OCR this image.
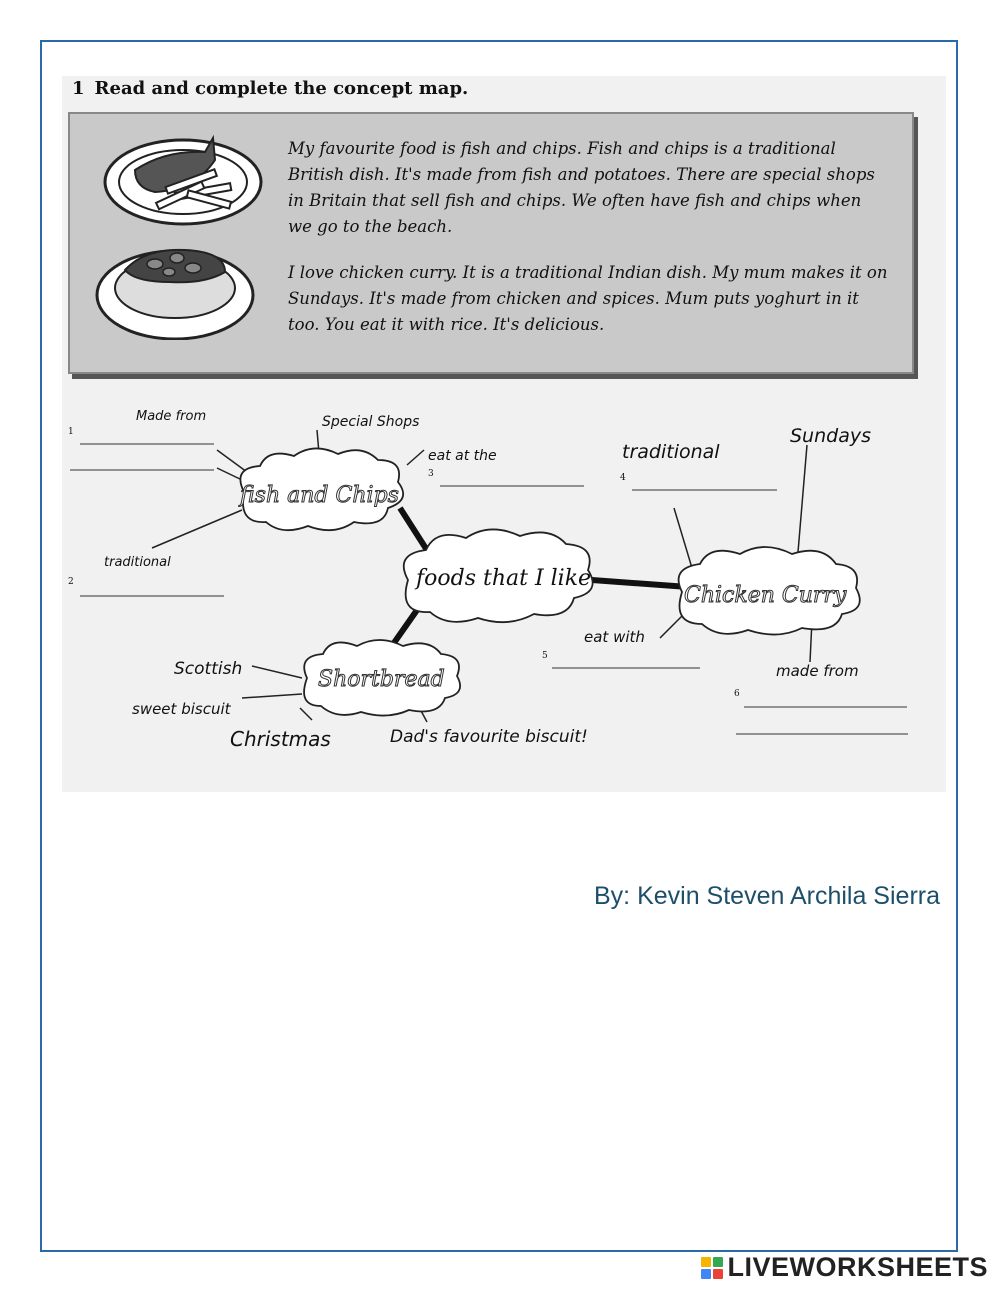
1 Read and complete the concept map.

My favourite food is fish and chips. Fish and chips is a traditional British dish. It's made from fish and potatoes. There are special shops in Britain that sell fish and chips. We often have fish and chips when we go to the beach.

I love chicken curry. It is a traditional Indian dish. My mum makes it on Sundays. It's made from chicken and spices. Mum puts yoghurt in it too. You eat it with rice. It's delicious.

1
2
3	4
5
6
fish and Chips
Chicken Curry
Shortbread
foods that I like
Made from	Special Shops
eat at the
traditional
traditional
Sundays
eat with
made from
Scottish
sweet biscuit
Christmas	Dad's favourite biscuit!
By: Kevin Steven Archila Sierra
LIVEWORKSHEETS
